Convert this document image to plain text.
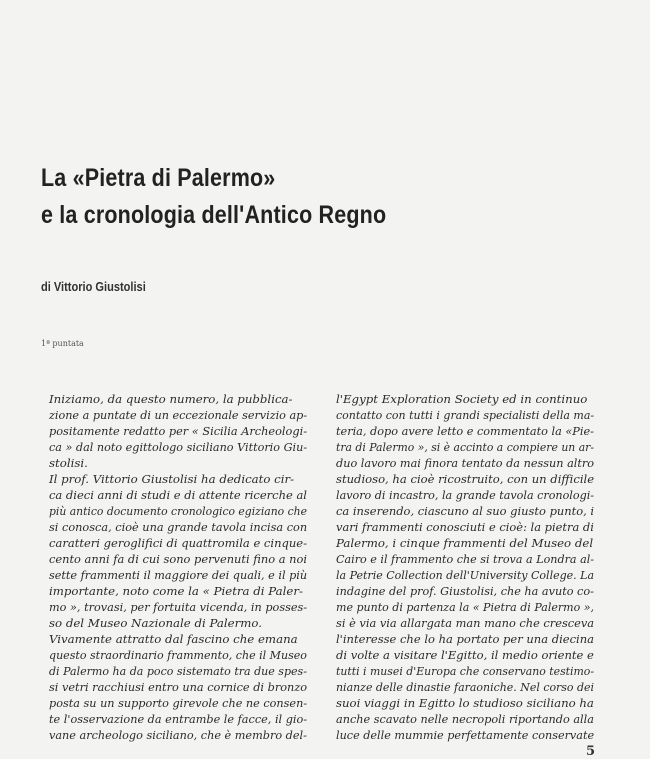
La «Pietra di Palermo»
e la cronologia dell'Antico Regno
di Vittorio Giustolisi
1ª puntata
Iniziamo, da questo numero, la pubblica-
zione a puntate di un eccezionale servizio ap-
positamente redatto per « Sicilia Archeologi-
ca » dal noto egittologo siciliano Vittorio Giu-
stolisi.
Il prof. Vittorio Giustolisi ha dedicato cir-
ca dieci anni di studi e di attente ricerche al
più antico documento cronologico egiziano che
si conosca, cioè una grande tavola incisa con
caratteri geroglifici di quattromila e cinque-
cento anni fa di cui sono pervenuti fino a noi
sette frammenti il maggiore dei quali, e il più
importante, noto come la « Pietra di Paler-
mo », trovasi, per fortuita vicenda, in posses-
so del Museo Nazionale di Palermo.
Vivamente attratto dal fascino che emana
questo straordinario frammento, che il Museo
di Palermo ha da poco sistemato tra due spes-
si vetri racchiusi entro una cornice di bronzo
posta su un supporto girevole che ne consen-
te l'osservazione da entrambe le facce, il gio-
vane archeologo siciliano, che è membro del-
l'Egypt Exploration Society ed in continuo
contatto con tutti i grandi specialisti della ma-
teria, dopo avere letto e commentato la «Pie-
tra di Palermo », si è accinto a compiere un ar-
duo lavoro mai finora tentato da nessun altro
studioso, ha cioè ricostruito, con un difficile
lavoro di incastro, la grande tavola cronologi-
ca inserendo, ciascuno al suo giusto punto, i
vari frammenti conosciuti e cioè: la pietra di
Palermo, i cinque frammenti del Museo del
Cairo e il frammento che si trova a Londra al-
la Petrie Collection dell'University College. La
indagine del prof. Giustolisi, che ha avuto co-
me punto di partenza la « Pietra di Palermo »,
si è via via allargata man mano che cresceva
l'interesse che lo ha portato per una diecina
di volte a visitare l'Egitto, il medio oriente e
tutti i musei d'Europa che conservano testimo-
nianze delle dinastie faraoniche. Nel corso dei
suoi viaggi in Egitto lo studioso siciliano ha
anche scavato nelle necropoli riportando alla
luce delle mummie perfettamente conservate
5
